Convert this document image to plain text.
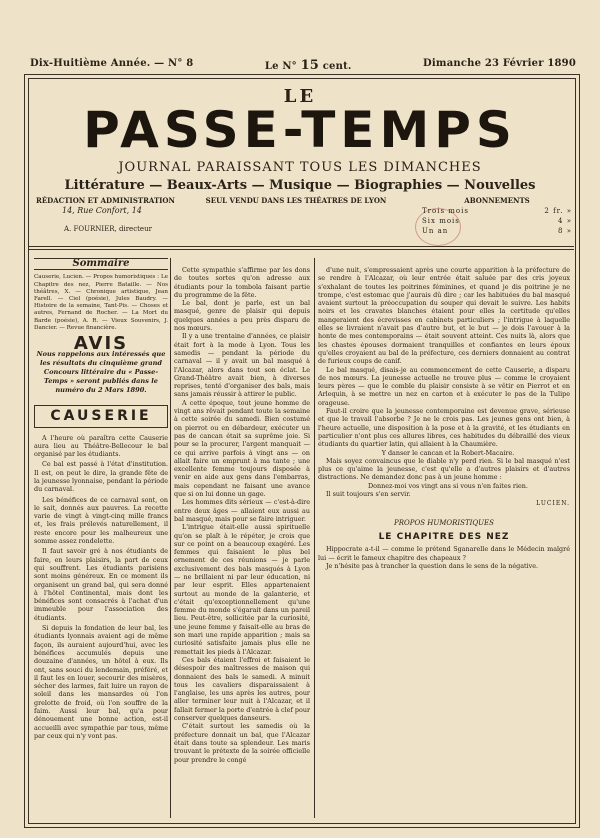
Dix-Huitième Année. — N° 8	Le N° 15 cent.	Dimanche 23 Février 1890
LE
PASSE-TEMPS
JOURNAL PARAISSANT TOUS LES DIMANCHES
Littérature — Beaux-Arts — Musique — Biographies — Nouvelles
RÉDACTION ET ADMINISTRATION
14, Rue Confort, 14
A. FOURNIER, directeur
SEUL VENDU DANS LES THÉATRES DE LYON	ABONNEMENTS
Trois mois	2 fr. »
Six mois	4 »
Un an	8 »
Sommaire

Causerie, Lucien. — Propos humoristiques : Le Chapitre des nez, Pierre Bataille. — Nos théâtres, X. — Chronique artistique, Jean Farell. — Ciel (poésie), Jules Baudry. — Histoire de la semaine, Tant-Pis. — Choses et autres, Fernand de Rocher. — La Mort du Barde (poésie), A. R. — Vieux Souvenirs, J. Dancier. — Revue financière.

AVIS
Nous rappelons aux intéressés que les résultats du cinquième grand Concours littéraire du « Passe-Temps » seront publiés dans le numéro du 2 Mars 1890.
CAUSERIE

A l'heure où paraîtra cette Causerie aura lieu au Théâtre-Bellecour le bal organisé par les étudiants.

Ce bal est passé à l'état d'institution. Il est, on peut le dire, la grande fête de la jeunesse lyonnaise, pendant la période du carnaval.

Les bénéfices de ce carnaval sont, on le sait, donnés aux pauvres. La recette varie de vingt à vingt-cinq mille francs et, les frais prélevés naturellement, il reste encore pour les malheureux une somme assez rondelette.

Il faut savoir gré à nos étudiants de faire, en leurs plaisirs, la part de ceux qui souffrent. Les étudiants parisiens sont moins généreux. En ce moment ils organisent un grand bal, qui sera donné à l'hôtel Continental, mais dont les bénéfices sont consacrés à l'achat d'un immeuble pour l'association des étudiants.

Si depuis la fondation de leur bal, les étudiants lyonnais avaient agi de même façon, ils auraient aujourd'hui, avec les bénéfices accumulés depuis une douzaine d'années, un hôtel à eux. Ils ont, sans souci du lendemain, préféré, et il faut les en louer, secourir des misères, sécher des larmes, fait luire un rayon de soleil dans les mansardes où l'on grelotte de froid, où l'on souffre de la faim. Aussi leur bal, qu'a pour dénouement une bonne action, est-il accueilli avec sympathie par tous, même par ceux qui n'y vont pas.

Cette sympathie s'affirme par les dons de toutes sortes qu'on adresse aux étudiants pour la tombola faisant partie du programme de la fête.

Le bal, dont je parle, est un bal masqué, genre de plaisir qui depuis quelques années a peu près disparu de nos mœurs.

Il y a une trentaine d'années, ce plaisir était fort à la mode à Lyon. Tous les samedis — pendant la période du carnaval — il y avait un bal masqué à l'Alcazar, alors dans tout son éclat. Le Grand-Théâtre avait bien, à diverses reprises, tenté d'organiser des bals, mais sans jamais réussir à attirer le public.

A cette époque, tout jeune homme de vingt ans rêvait pendant toute la semaine à cette soirée du samedi. Bien costumé on pierrot ou en débardeur, exécuter un pas de cancan était sa suprême joie. Si pour se la procurer, l'argent manquait — ce qui arrive parfois à vingt ans — on allait faire un emprunt à ma tante ; une excellente femme toujours disposée à venir en aide aux gens dans l'embarras, mais cependant ne faisant une avance que si on lui donne un gage.

Les hommes dits sérieux — c'est-à-dire entre deux âges — allaient eux aussi au bal masqué, mais pour se faire intriguer.

L'intrigue était-elle aussi spirituelle qu'on se plaît à le répéter, je crois que sur ce point on a beaucoup exagéré. Les femmes qui faisaient le plus bel ornement de ces réunions — je parle exclusivement des bals masqués à Lyon — ne brillaient ni par leur éducation, ni par leur esprit. Elles appartenaient surtout au monde de la galanterie, et c'était qu'exceptionnellement qu'une femme du monde s'égarait dans un pareil lieu. Peut-être, sollicitée par la curiosité, une jeune femme y faisait-elle au bras de son mari une rapide apparition ; mais sa curiosité satisfaite jamais plus elle ne remettait les pieds à l'Alcazar.

Ces bals étaient l'effroi et faisaient le désespoir des maîtresses de maison qui donnaient des bals le samedi. A minuit tous les cavaliers disparaissaient à l'anglaise, les uns après les autres, pour aller terminer leur nuit à l'Alcazar, et il fallait fermer la porte d'entrée à clef pour conserver quelques danseurs.

C'était surtout les samedis où la préfecture donnait un bal, que l'Alcazar était dans toute sa splendeur. Les maris trouvant le prétexte de la soirée officielle pour prendre le congé

d'une nuit, s'empressaient après une courte apparition à la préfecture de se rendre à l'Alcazar, où leur entrée était saluée par des cris joyeux s'exhalant de toutes les poitrines féminines, et quand je dis poitrine je ne trompe, c'est estomac que j'aurais dû dire ; car les habituées du bal masqué avaient surtout la préoccupation du souper qui devait le suivre. Les habits noirs et les cravates blanches étaient pour elles la certitude qu'elles mangeraient des écrevisses en cabinets particuliers ; l'intrigue à laquelle elles se livraient n'avait pas d'autre but, et le but — je dois l'avouer à la honte de mes contemporains — était souvent atteint. Ces nuits là, alors que les chastes épouses dormaient tranquilles et confiantes en leurs époux qu'elles croyaient au bal de la préfecture, ces derniers donnaient au contrat de furieux coups de canif.

Le bal masqué, disais-je au commencement de cette Causerie, a disparu de nos mœurs. La jeunesse actuelle ne trouve plus — comme le croyaient leurs pères — que le comble du plaisir consiste à se vêtir en Pierrot et en Arlequin, à se mettre un nez en carton et à exécuter le pas de la Tulipe orageuse.

Faut-il croire que la jeunesse contemporaine est devenue grave, sérieuse et que le travail l'absorbe ? Je ne le crois pas. Les jeunes gens ont bien, à l'heure actuelle, une disposition à la pose et à la gravité, et les étudiants en particulier n'ont plus ces allures libres, ces habitudes du débraillé des vieux étudiants du quartier latin, qui allaient à la Chaumière.

Y danser le cancan et la Robert-Macaire.

Mais soyez convaincus que le diable n'y perd rien. Si le bal masqué n'est plus ce qu'aime la jeunesse, c'est qu'elle a d'autres plaisirs et d'autres distractions. Ne demandez donc pas à un jeune homme :

Donnez-moi vos vingt ans si vous n'en faites rien.

Il suit toujours s'en servir.

LUCIEN.
PROPOS HUMORISTIQUES
LE CHAPITRE DES NEZ

Hippocrate a-t-il — comme le prétend Sganarelle dans le Médecin malgré lui — écrit le fameux chapitre des chapeaux ?

Je n'hésite pas à trancher la question dans le sens de la négative.
